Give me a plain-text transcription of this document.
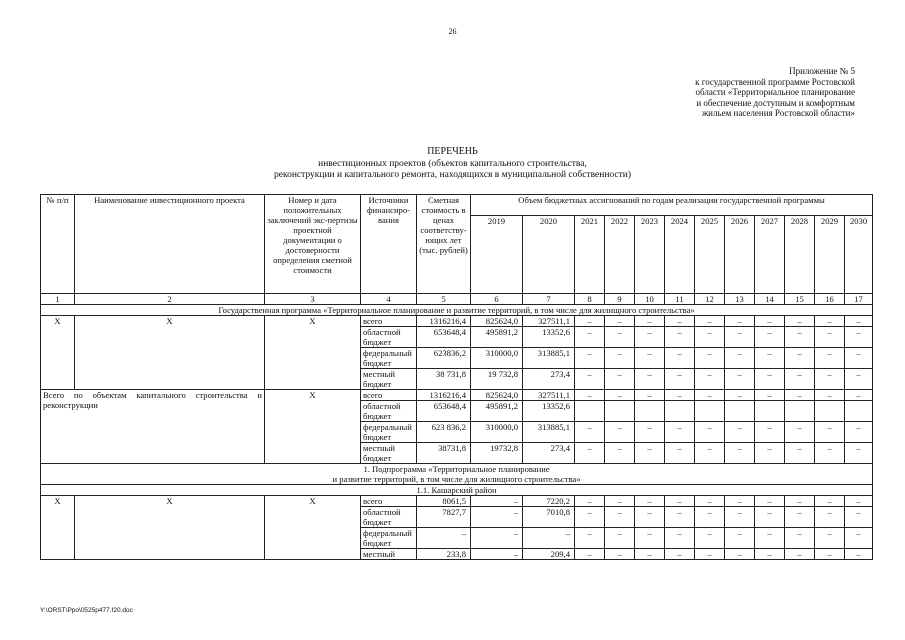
26
Приложение № 5
к государственной программе Ростовской
области «Территориальное планирование
и обеспечение доступным и комфортным
жильем населения Ростовской области»
ПЕРЕЧЕНЬ
инвестиционных проектов (объектов капитального строительства,
реконструкции и капитального ремонта, находящихся в муниципальной собственности)
№ п/п	Наименование инвестиционного проекта	Номер и дата положительных заключений экс-пертизы проектной документации о достоверности определения сметной стоимости	Источники финансиро-вания	Сметная стоимость в ценах соответству-ющих лет (тыс. рублей)	Объем бюджетных ассигнований по годам реализации государственной программы											
					2019	2020	2021	2022	2023	2024	2025	2026	2027	2028	2029	2030
1	2	3	4	5	6	7	8	9	10	11	12	13	14	15	16	17
Государственная программа «Территориальное планирование и развитие территорий, в том числе для жилищного строительства»																
Х	Х	Х	всего	1316216,4	825624,0	327511,1	–	–	–	–	–	–	–	–	–	–
			областной бюджет	653648,4	495891,2	13352,6	–	–	–	–	–	–	–	–	–	–
			федеральный бюджет	623836,2	310000,0	313885,1	–	–	–	–	–	–	–	–	–	–
			местный бюджет	38 731,8	19 732,8	273,4	–	–	–	–	–	–	–	–	–	–
Всего по объектам капитального строительства и реконструкции		Х	всего	1316216,4	825624,0	327511,1	–	–	–	–	–	–	–	–	–	–
			областной бюджет	653648,4	495891,2	13352,6										
			федеральный бюджет	623 836,2	310000,0	313885,1	–	–	–	–	–	–	–	–	–	–
			местный бюджет	38731,8	19732,8	273,4	–	–	–	–	–	–	–	–	–	–

1. Подпрограмма «Территориальное планирование
и развитие территорий, в том числе для жилищного строительства»																

1.1. Кашарский район																
Х	Х	Х	всего	8061,5	–	7220,2	–	–	–	–	–	–	–	–	–	–
			областной бюджет	7827,7	–	7010,8	–	–	–	–	–	–	–	–	–	–
			федеральный бюджет	–	–	–	–	–	–	–	–	–	–	–	–	–
			местный	233,8	–	209,4	–	–	–	–	–	–	–	–	–	–
Y:\ORST\Ppo\0525p477.f20.doc
